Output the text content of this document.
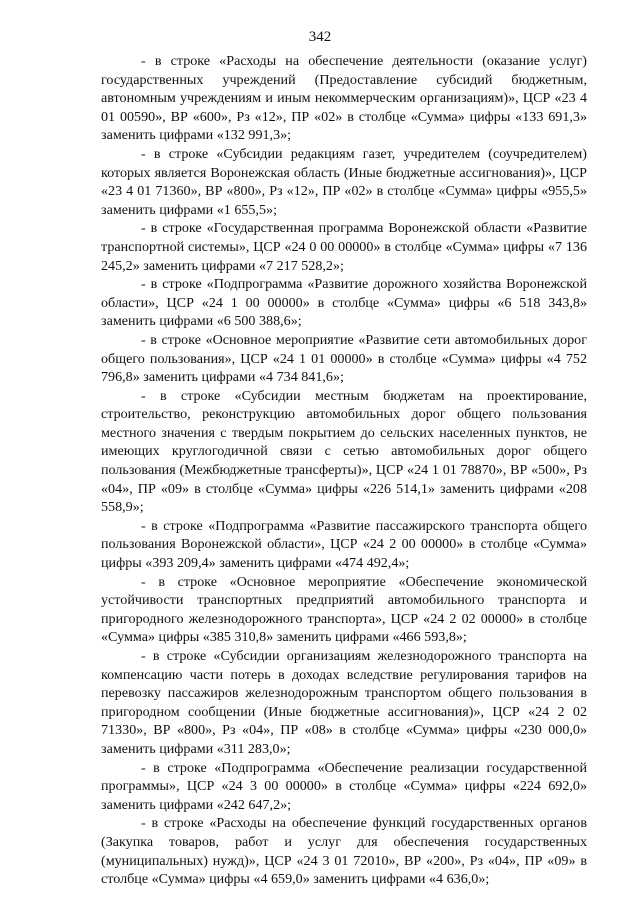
342

- в строке «Расходы на обеспечение деятельности (оказание услуг) государственных учреждений (Предоставление субсидий бюджетным, автономным учреждениям и иным некоммерческим организациям)», ЦСР «23 4 01 00590», ВР «600», Рз «12», ПР «02» в столбце «Сумма» цифры «133 691,3» заменить цифрами «132 991,3»;

- в строке «Субсидии редакциям газет, учредителем (соучредителем) которых является Воронежская область (Иные бюджетные ассигнования)», ЦСР «23 4 01 71360», ВР «800», Рз «12», ПР «02» в столбце «Сумма» цифры «955,5» заменить цифрами «1 655,5»;

- в строке «Государственная программа Воронежской области «Развитие транспортной системы», ЦСР «24 0 00 00000» в столбце «Сумма» цифры «7 136 245,2» заменить цифрами «7 217 528,2»;

- в строке «Подпрограмма «Развитие дорожного хозяйства Воронежской области», ЦСР «24 1 00 00000» в столбце «Сумма» цифры «6 518 343,8» заменить цифрами «6 500 388,6»;

- в строке «Основное мероприятие «Развитие сети автомобильных дорог общего пользования», ЦСР «24 1 01 00000» в столбце «Сумма» цифры «4 752 796,8» заменить цифрами «4 734 841,6»;

- в строке «Субсидии местным бюджетам на проектирование, строительство, реконструкцию автомобильных дорог общего пользования местного значения с твердым покрытием до сельских населенных пунктов, не имеющих круглогодичной связи с сетью автомобильных дорог общего пользования (Межбюджетные трансферты)», ЦСР «24 1 01 78870», ВР «500», Рз «04», ПР «09» в столбце «Сумма» цифры «226 514,1» заменить цифрами «208 558,9»;

- в строке «Подпрограмма «Развитие пассажирского транспорта общего пользования Воронежской области», ЦСР «24 2 00 00000» в столбце «Сумма» цифры «393 209,4» заменить цифрами «474 492,4»;

- в строке «Основное мероприятие «Обеспечение экономической устойчивости транспортных предприятий автомобильного транспорта и пригородного железнодорожного транспорта», ЦСР «24 2 02 00000» в столбце «Сумма» цифры «385 310,8» заменить цифрами «466 593,8»;

- в строке «Субсидии организациям железнодорожного транспорта на компенсацию части потерь в доходах вследствие регулирования тарифов на перевозку пассажиров железнодорожным транспортом общего пользования в пригородном сообщении (Иные бюджетные ассигнования)», ЦСР «24 2 02 71330», ВР «800», Рз «04», ПР «08» в столбце «Сумма» цифры «230 000,0» заменить цифрами «311 283,0»;

- в строке «Подпрограмма «Обеспечение реализации государственной программы», ЦСР «24 3 00 00000» в столбце «Сумма» цифры «224 692,0» заменить цифрами «242 647,2»;

- в строке «Расходы на обеспечение функций государственных органов (Закупка товаров, работ и услуг для обеспечения государственных (муниципальных) нужд)», ЦСР «24 3 01 72010», ВР «200», Рз «04», ПР «09» в столбце «Сумма» цифры «4 659,0» заменить цифрами «4 636,0»;
